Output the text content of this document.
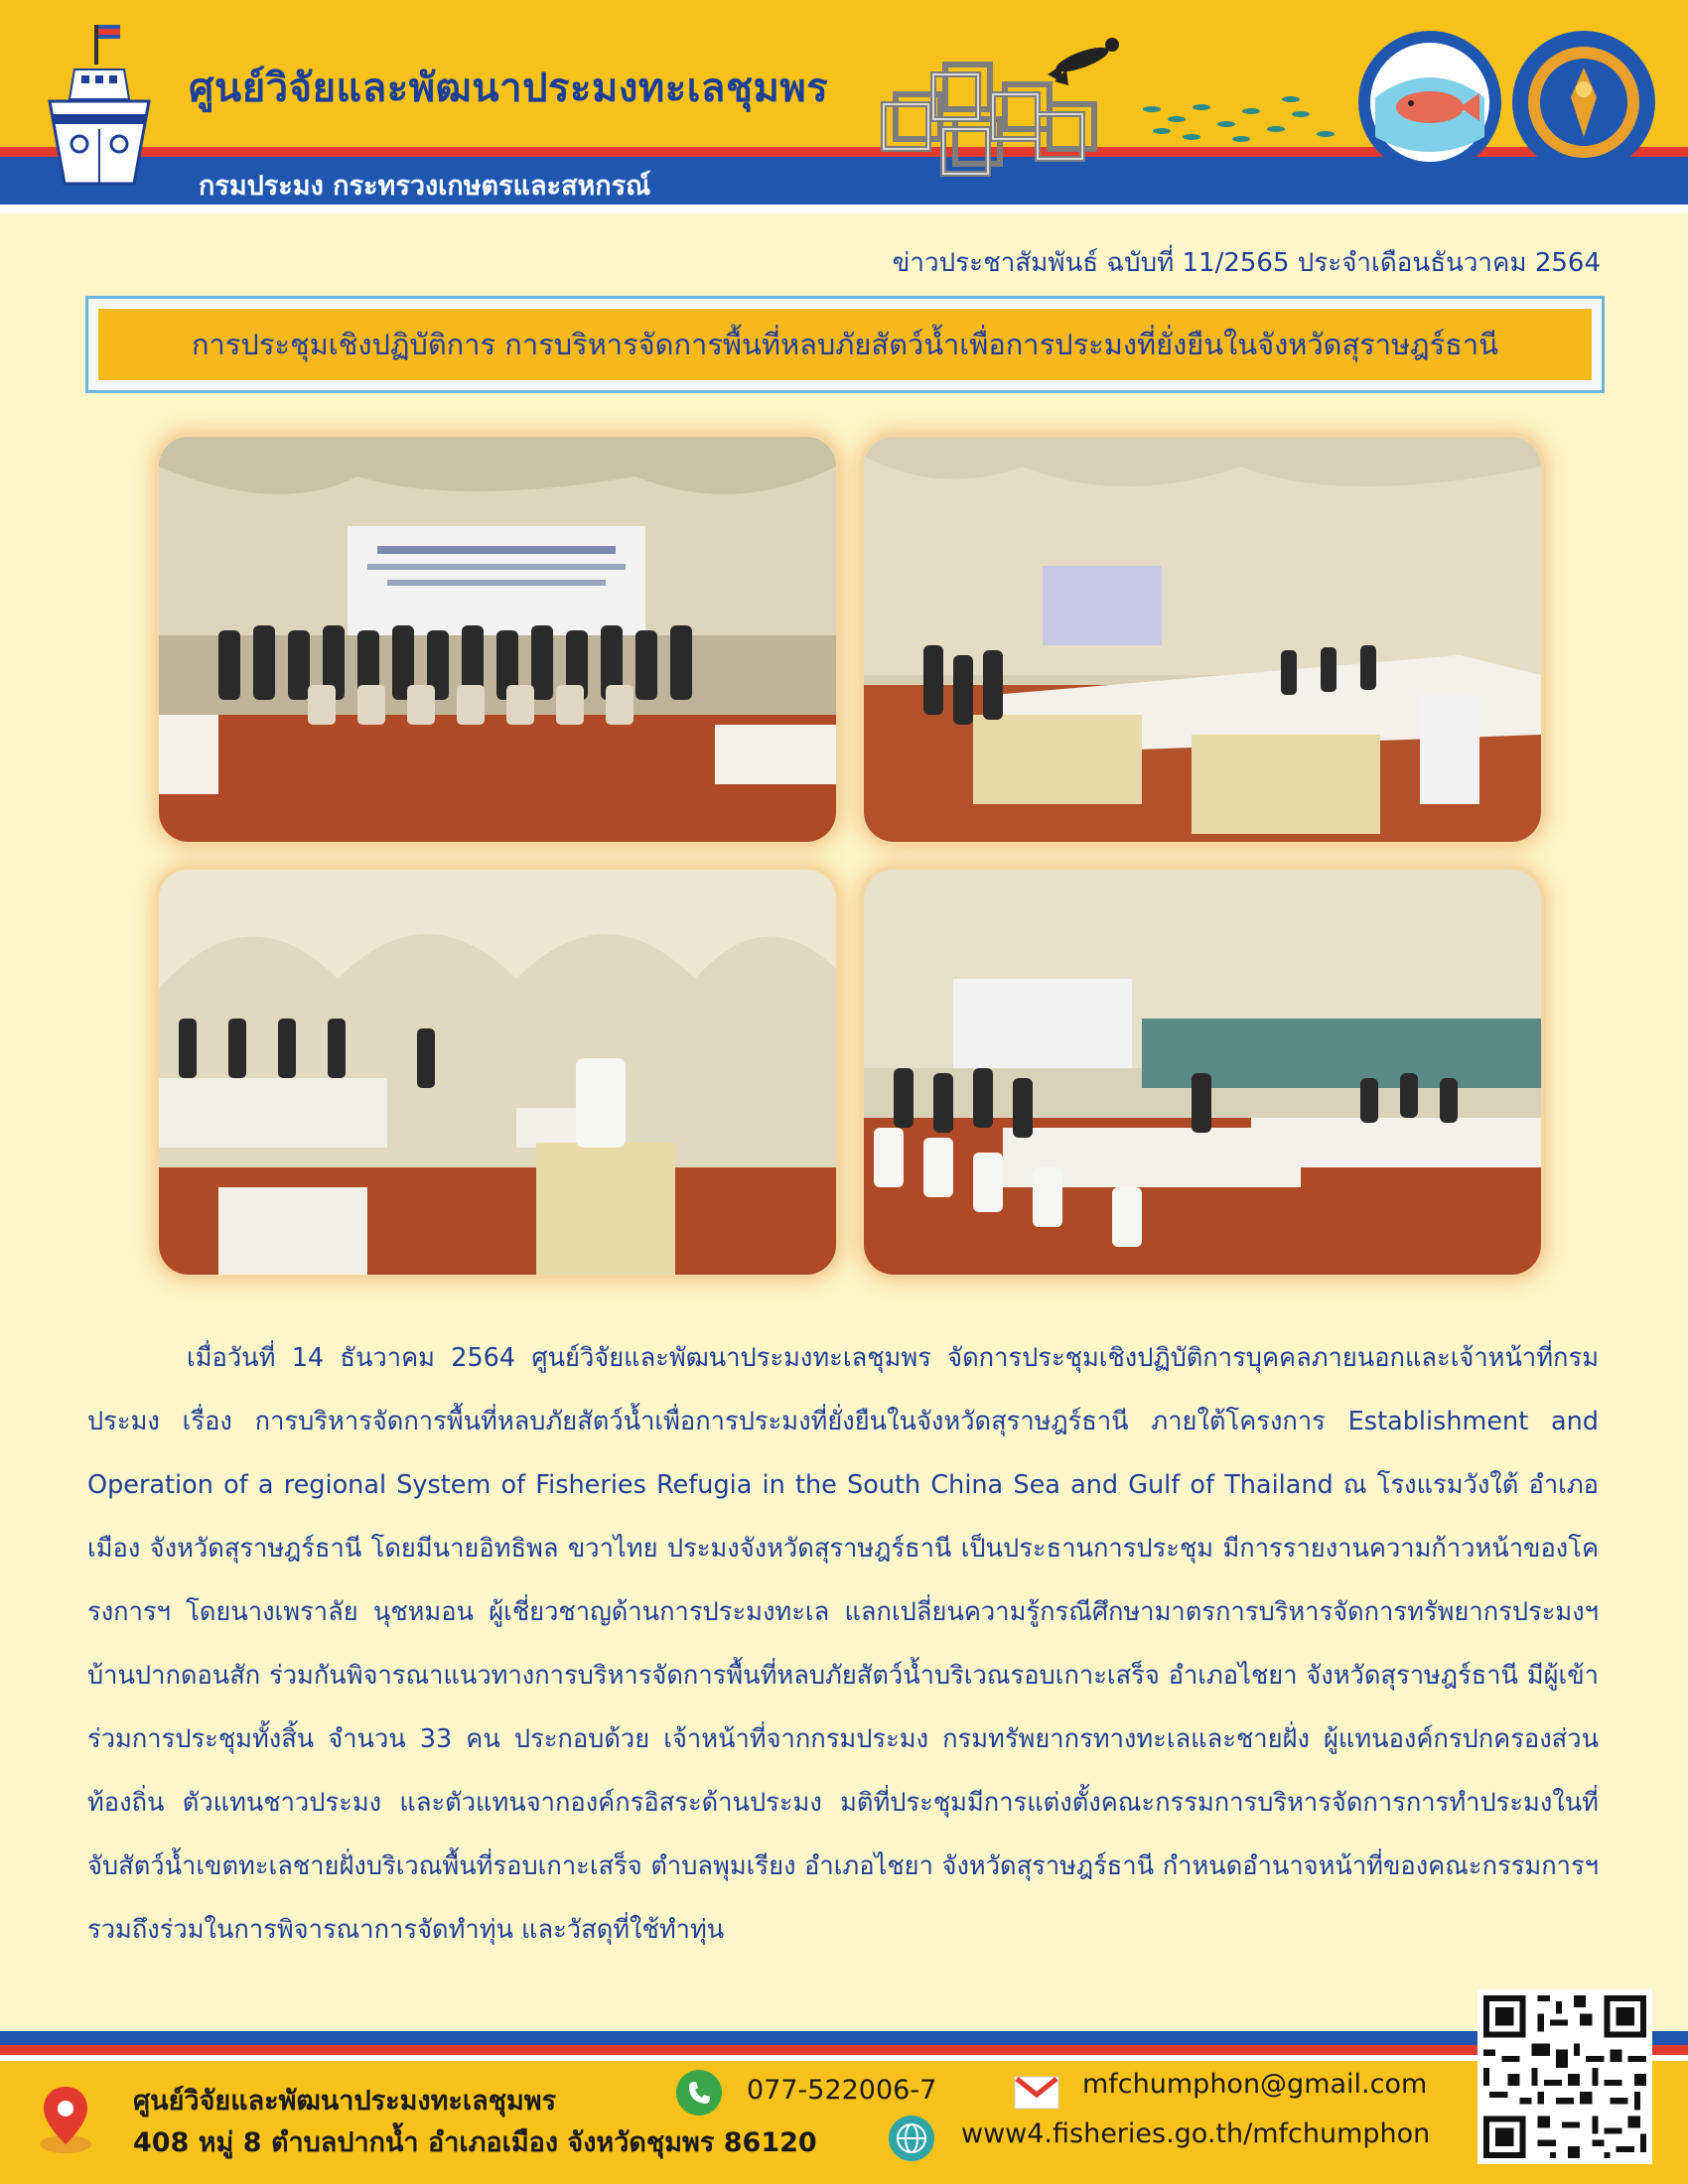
ศูนย์วิจัยและพัฒนาประมงทะเลชุมพร
กรมประมง กระทรวงเกษตรและสหกรณ์
ข่าวประชาสัมพันธ์ ฉบับที่ 11/2565 ประจำเดือนธันวาคม 2564
การประชุมเชิงปฏิบัติการ การบริหารจัดการพื้นที่หลบภัยสัตว์น้ำเพื่อการประมงที่ยั่งยืนในจังหวัดสุราษฎร์ธานี
เมื่อวันที่ 14 ธันวาคม 2564 ศูนย์วิจัยและพัฒนาประมงทะเลชุมพร จัดการประชุมเชิงปฏิบัติการบุคคลภายนอกและเจ้าหน้าที่กรมประมง เรื่อง การบริหารจัดการพื้นที่หลบภัยสัตว์น้ำเพื่อการประมงที่ยั่งยืนในจังหวัดสุราษฎร์ธานี ภายใต้โครงการ Establishment and Operation of a regional System of Fisheries Refugia in the South China Sea and Gulf of Thailand ณ โรงแรมวังใต้ อำเภอเมือง จังหวัดสุราษฎร์ธานี โดยมีนายอิทธิพล ขวาไทย ประมงจังหวัดสุราษฎร์ธานี เป็นประธานการประชุม มีการรายงานความก้าวหน้าของโครงการฯ โดยนางเพราลัย นุชหมอน ผู้เชี่ยวชาญด้านการประมงทะเล แลกเปลี่ยนความรู้กรณีศึกษามาตรการบริหารจัดการทรัพยากรประมงฯ บ้านปากดอนสัก ร่วมกันพิจารณาแนวทางการบริหารจัดการพื้นที่หลบภัยสัตว์น้ำบริเวณรอบเกาะเสร็จ อำเภอไชยา จังหวัดสุราษฎร์ธานี มีผู้เข้าร่วมการประชุมทั้งสิ้น จำนวน 33 คน ประกอบด้วย เจ้าหน้าที่จากกรมประมง กรมทรัพยากรทางทะเลและชายฝั่ง ผู้แทนองค์กรปกครองส่วนท้องถิ่น ตัวแทนชาวประมง และตัวแทนจากองค์กรอิสระด้านประมง มติที่ประชุมมีการแต่งตั้งคณะกรรมการบริหารจัดการการทำประมงในที่จับสัตว์น้ำเขตทะเลชายฝั่งบริเวณพื้นที่รอบเกาะเสร็จ ตำบลพุมเรียง อำเภอไชยา จังหวัดสุราษฎร์ธานี กำหนดอำนาจหน้าที่ของคณะกรรมการฯ รวมถึงร่วมในการพิจารณาการจัดทำทุ่น และวัสดุที่ใช้ทำทุ่น
ศูนย์วิจัยและพัฒนาประมงทะเลชุมพร
408 หมู่ 8 ตำบลปากน้ำ อำเภอเมือง จังหวัดชุมพร 86120
077-522006-7
www4.fisheries.go.th/mfchumphon
mfchumphon@gmail.com
